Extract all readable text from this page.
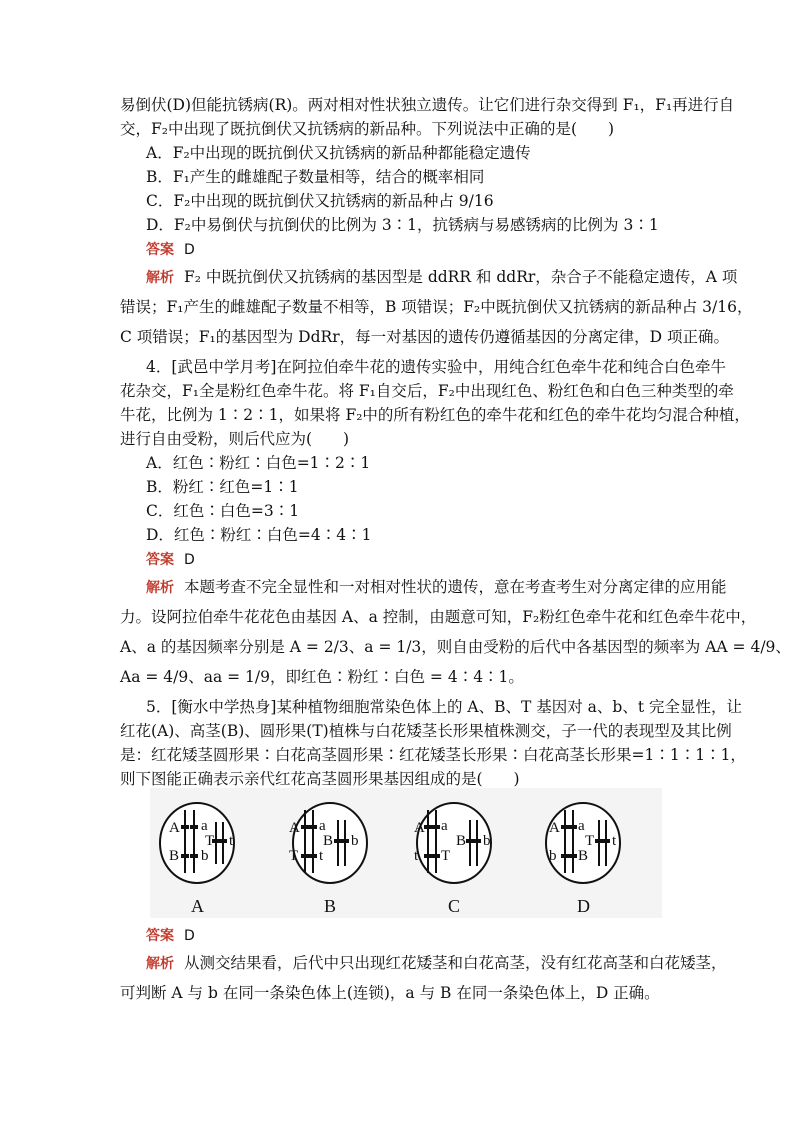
易倒伏(D)但能抗锈病(R)。两对相对性状独立遗传。让它们进行杂交得到 F₁，F₁再进行自
交，F₂中出现了既抗倒伏又抗锈病的新品种。下列说法中正确的是(　　)
A．F₂中出现的既抗倒伏又抗锈病的新品种都能稳定遗传
B．F₁产生的雌雄配子数量相等，结合的概率相同
C．F₂中出现的既抗倒伏又抗锈病的新品种占 9/16
D．F₂中易倒伏与抗倒伏的比例为 3∶1，抗锈病与易感锈病的比例为 3∶1
答案 D
解析 F₂ 中既抗倒伏又抗锈病的基因型是 ddRR 和 ddRr，杂合子不能稳定遗传，A 项
错误；F₁产生的雌雄配子数量不相等，B 项错误；F₂中既抗倒伏又抗锈病的新品种占 3/16，
C 项错误；F₁的基因型为 DdRr，每一对基因的遗传仍遵循基因的分离定律，D 项正确。
4．[武邑中学月考]在阿拉伯牵牛花的遗传实验中，用纯合红色牵牛花和纯合白色牵牛
花杂交，F₁全是粉红色牵牛花。将 F₁自交后，F₂中出现红色、粉红色和白色三种类型的牵
牛花，比例为 1∶2∶1，如果将 F₂中的所有粉红色的牵牛花和红色的牵牛花均匀混合种植，
进行自由受粉，则后代应为(　　)
A．红色∶粉红∶白色=1∶2∶1
B．粉红∶红色=1∶1
C．红色∶白色=3∶1
D．红色∶粉红∶白色=4∶4∶1
答案 D
解析 本题考查不完全显性和一对相对性状的遗传，意在考查考生对分离定律的应用能
力。设阿拉伯牵牛花花色由基因 A、a 控制，由题意可知，F₂粉红色牵牛花和红色牵牛花中，
A、a 的基因频率分别是 A = 2/3、a = 1/3，则自由受粉的后代中各基因型的频率为 AA = 4/9、
Aa = 4/9、aa = 1/9，即红色∶粉红∶白色 = 4∶4∶1。
5．[衡水中学热身]某种植物细胞常染色体上的 A、B、T 基因对 a、b、t 完全显性，让
红花(A)、高茎(B)、圆形果(T)植株与白花矮茎长形果植株测交，子一代的表现型及其比例
是：红花矮茎圆形果∶白花高茎圆形果∶红花矮茎长形果∶白花高茎长形果=1∶1∶1∶1，
则下图能正确表示亲代红花高茎圆形果基因组成的是(　　)
A a
B b
T t
A
A a
B b
T t
B
A a
B b
T
t
C
A a
B
b
T t
D
答案 D
解析 从测交结果看，后代中只出现红花矮茎和白花高茎，没有红花高茎和白花矮茎，
可判断 A 与 b 在同一条染色体上(连锁)，a 与 B 在同一条染色体上，D 正确。
